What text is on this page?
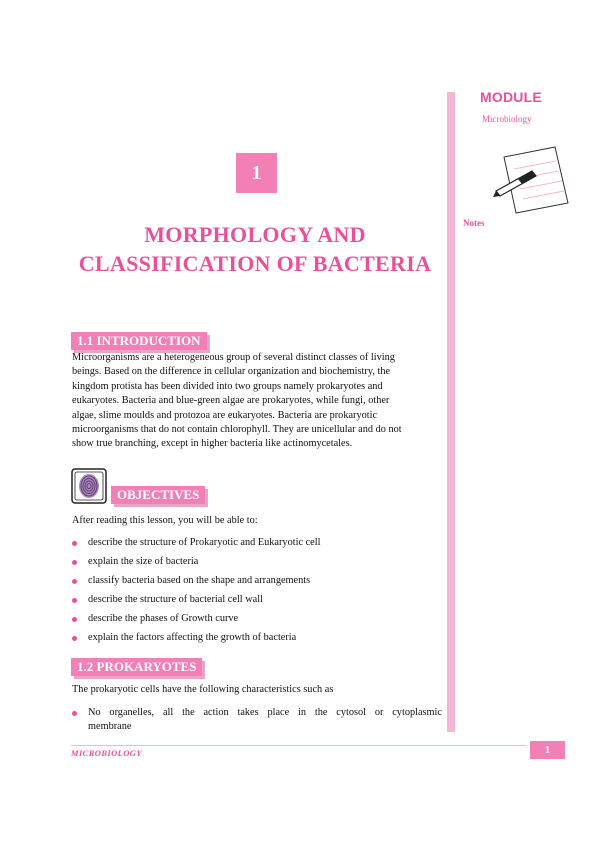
MODULE
Microbiology
Notes
1
MORPHOLOGY AND
CLASSIFICATION OF BACTERIA
1.1 INTRODUCTION
Microorganisms are a heterogeneous group of several distinct classes of living
beings. Based on the difference in cellular organization and biochemistry, the
kingdom protista has been divided into two groups namely prokaryotes and
eukaryotes. Bacteria and blue-green algae are prokaryotes, while fungi, other
algae, slime moulds and protozoa are eukaryotes. Bacteria are prokaryotic
microorganisms that do not contain chlorophyll. They are unicellular and do not
show true branching, except in higher bacteria like actinomycetales.
OBJECTIVES
After reading this lesson, you will be able to:
describe the structure of Prokaryotic and Eukaryotic cell
explain the size of bacteria
classify bacteria based on the shape and arrangements
describe the structure of bacterial cell wall
describe the phases of Growth curve
explain the factors affecting the growth of bacteria
1.2 PROKARYOTES
The prokaryotic cells have the following characteristics such as
No organelles, all the action takes place in the cytosol or cytoplasmic
membrane
MICROBIOLOGY	1
